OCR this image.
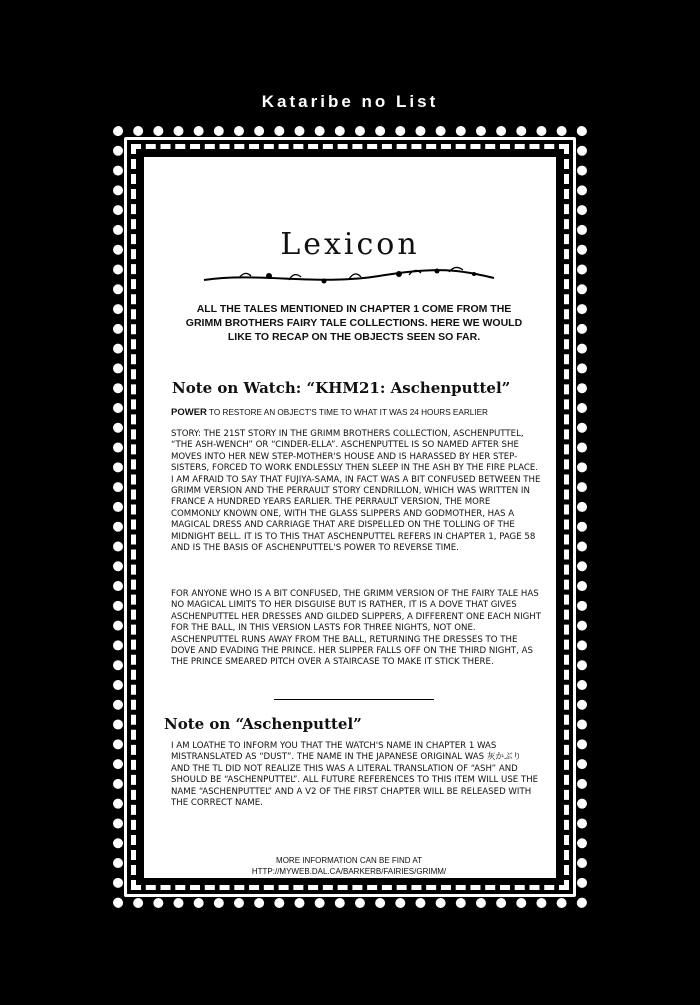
Kataribe no List
Lexicon
ALL THE TALES MENTIONED IN CHAPTER 1 COME FROM THE GRIMM BROTHERS FAIRY TALE COLLECTIONS. HERE WE WOULD LIKE TO RECAP ON THE OBJECTS SEEN SO FAR.
Note on Watch: “KHM21: Aschenputtel”
POWER TO RESTORE AN OBJECT'S TIME TO WHAT IT WAS 24 HOURS EARLIER
STORY: THE 21ST STORY IN THE GRIMM BROTHERS COLLECTION, ASCHENPUTTEL, “THE ASH-WENCH” OR “CINDER-ELLA”. ASCHENPUTTEL IS SO NAMED AFTER SHE MOVES INTO HER NEW STEP-MOTHER'S HOUSE AND IS HARASSED BY HER STEP-SISTERS, FORCED TO WORK ENDLESSLY THEN SLEEP IN THE ASH BY THE FIRE PLACE. I AM AFRAID TO SAY THAT FUJIYA-SAMA, IN FACT WAS A BIT CONFUSED BETWEEN THE GRIMM VERSION AND THE PERRAULT STORY CENDRILLON, WHICH WAS WRITTEN IN FRANCE A HUNDRED YEARS EARLIER. THE PERRAULT VERSION, THE MORE COMMONLY KNOWN ONE, WITH THE GLASS SLIPPERS AND GODMOTHER, HAS A MAGICAL DRESS AND CARRIAGE THAT ARE DISPELLED ON THE TOLLING OF THE MIDNIGHT BELL. IT IS TO THIS THAT ASCHENPUTTEL REFERS IN CHAPTER 1, PAGE 58 AND IS THE BASIS OF ASCHENPUTTEL'S POWER TO REVERSE TIME.
FOR ANYONE WHO IS A BIT CONFUSED, THE GRIMM VERSION OF THE FAIRY TALE HAS NO MAGICAL LIMITS TO HER DISGUISE BUT IS RATHER, IT IS A DOVE THAT GIVES ASCHENPUTTEL HER DRESSES AND GILDED SLIPPERS, A DIFFERENT ONE EACH NIGHT FOR THE BALL, IN THIS VERSION LASTS FOR THREE NIGHTS, NOT ONE. ASCHENPUTTEL RUNS AWAY FROM THE BALL, RETURNING THE DRESSES TO THE DOVE AND EVADING THE PRINCE. HER SLIPPER FALLS OFF ON THE THIRD NIGHT, AS THE PRINCE SMEARED PITCH OVER A STAIRCASE TO MAKE IT STICK THERE.
Note on “Aschenputtel”
I AM LOATHE TO INFORM YOU THAT THE WATCH'S NAME IN CHAPTER 1 WAS MISTRANSLATED AS “DUST”. THE NAME IN THE JAPANESE ORIGINAL WAS 灰かぶり AND THE TL DID NOT REALIZE THIS WAS A LITERAL TRANSLATION OF “ASH” AND SHOULD BE “ASCHENPUTTEL”. ALL FUTURE REFERENCES TO THIS ITEM WILL USE THE NAME “ASCHENPUTTEL” AND A V2 OF THE FIRST CHAPTER WILL BE RELEASED WITH THE CORRECT NAME.
MORE INFORMATION CAN BE FIND AT
HTTP://MYWEB.DAL.CA/BARKERB/FAIRIES/GRIMM/
